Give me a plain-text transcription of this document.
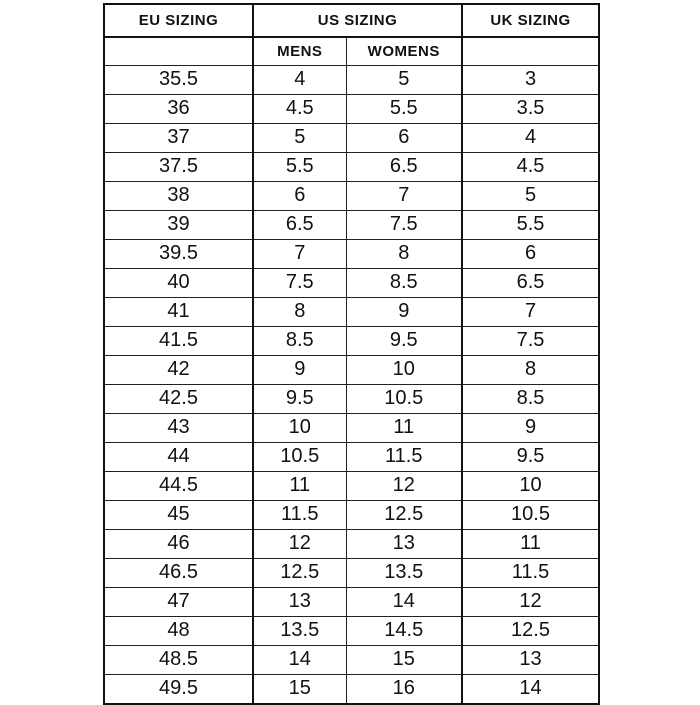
EU SIZING	US SIZING		UK SIZING
	MENS	WOMENS	
35.5	4	5	3
36	4.5	5.5	3.5
37	5	6	4
37.5	5.5	6.5	4.5
38	6	7	5
39	6.5	7.5	5.5
39.5	7	8	6
40	7.5	8.5	6.5
41	8	9	7
41.5	8.5	9.5	7.5
42	9	10	8
42.5	9.5	10.5	8.5
43	10	11	9
44	10.5	11.5	9.5
44.5	11	12	10
45	11.5	12.5	10.5
46	12	13	11
46.5	12.5	13.5	11.5
47	13	14	12
48	13.5	14.5	12.5
48.5	14	15	13
49.5	15	16	14
